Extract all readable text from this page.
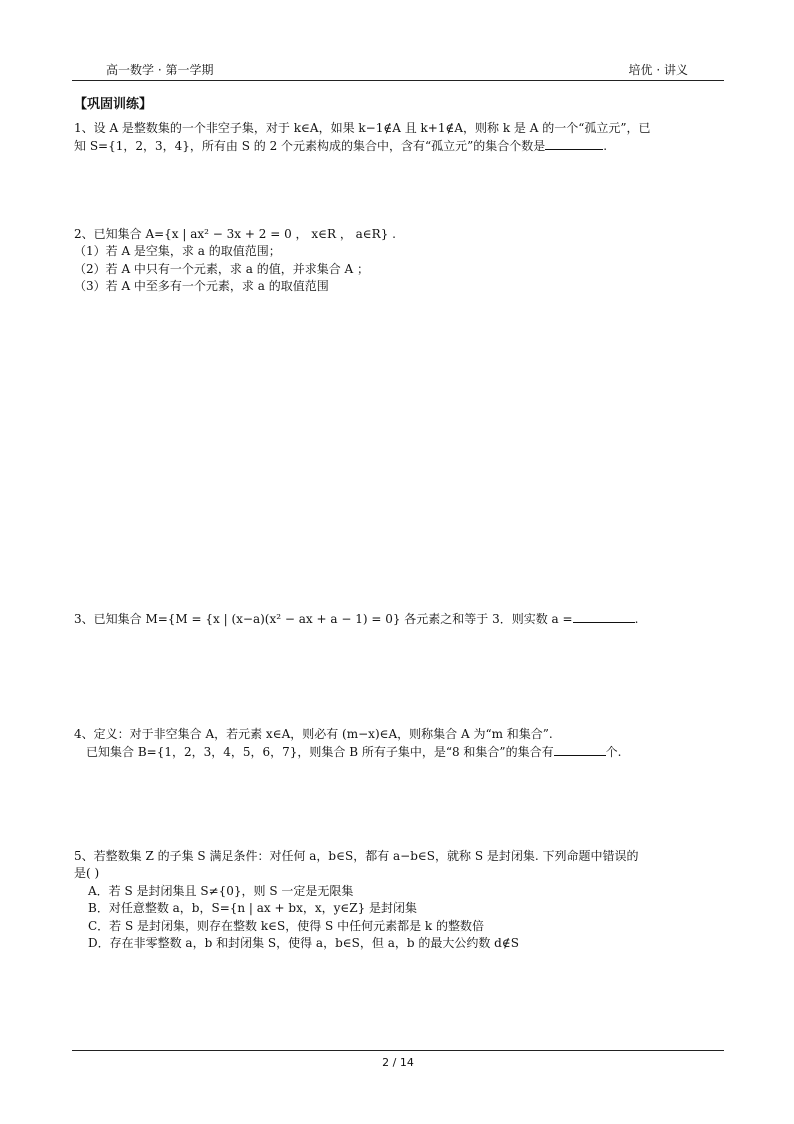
高一数学 · 第一学期	培优 · 讲义
【巩固训练】
1、设 A 是整数集的一个非空子集，对于 k∈A，如果 k−1∉A 且 k+1∉A，则称 k 是 A 的一个“孤立元”，已
知 S={1，2，3，4}，所有由 S 的 2 个元素构成的集合中，含有“孤立元”的集合个数是	.
2、已知集合 A={x | ax² − 3x + 2 = 0 ， x∈R ， a∈R} .
（1）若 A 是空集，求 a 的取值范围；
（2）若 A 中只有一个元素，求 a 的值，并求集合 A ；
（3）若 A 中至多有一个元素，求 a 的取值范围
3、已知集合 M={M = {x | (x−a)(x² − ax + a − 1) = 0} 各元素之和等于 3．则实数 a =	.
4、定义：对于非空集合 A，若元素 x∈A，则必有 (m−x)∈A，则称集合 A 为“m 和集合”.
已知集合 B={1，2，3，4，5，6，7}，则集合 B 所有子集中，是“8 和集合”的集合有	个.
5、若整数集 Z 的子集 S 满足条件：对任何 a，b∈S，都有 a−b∈S，就称 S 是封闭集. 下列命题中错误的
是( )
A．若 S 是封闭集且 S≠{0}，则 S 一定是无限集
B．对任意整数 a，b，S={n | ax + bx，x，y∈Z} 是封闭集
C．若 S 是封闭集，则存在整数 k∈S，使得 S 中任何元素都是 k 的整数倍
D．存在非零整数 a，b 和封闭集 S，使得 a，b∈S，但 a，b 的最大公约数 d∉S
2 / 14
